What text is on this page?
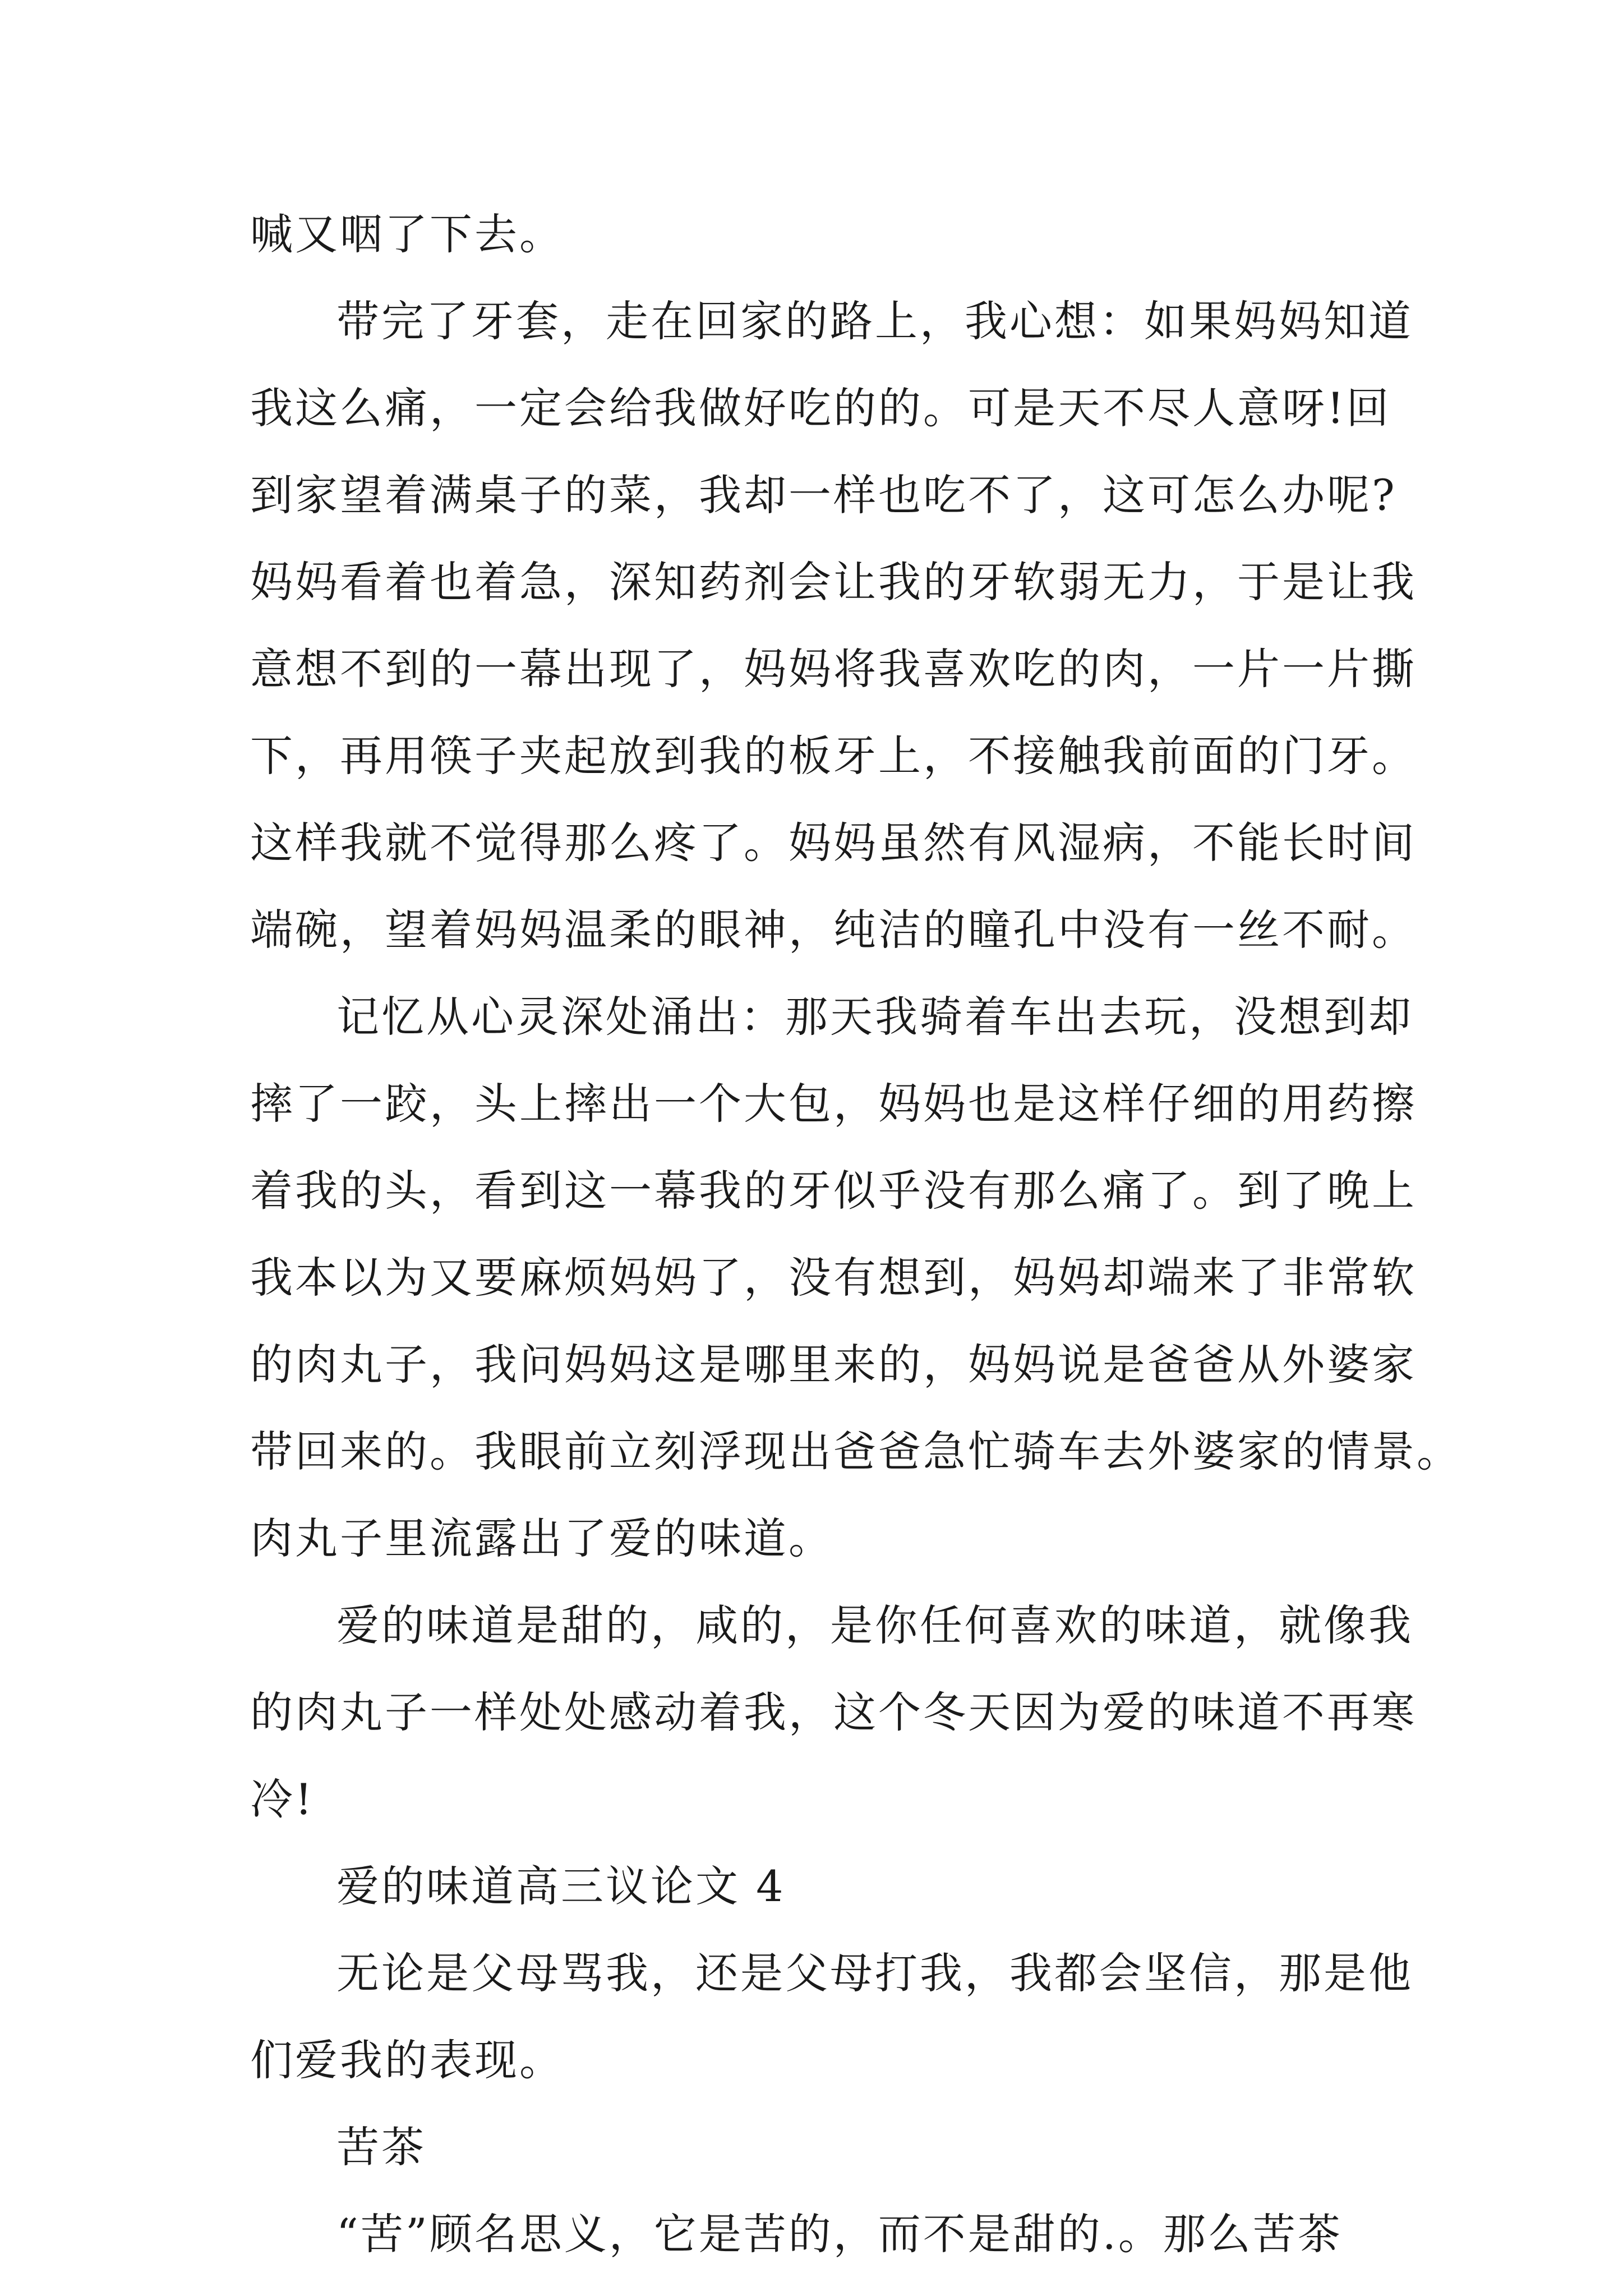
喊又咽了下去。
带完了牙套，走在回家的路上，我心想：如果妈妈知道
我这么痛，一定会给我做好吃的的。可是天不尽人意呀!回
到家望着满桌子的菜，我却一样也吃不了，这可怎么办呢?
妈妈看着也着急，深知药剂会让我的牙软弱无力，于是让我
意想不到的一幕出现了，妈妈将我喜欢吃的肉，一片一片撕
下，再用筷子夹起放到我的板牙上，不接触我前面的门牙。
这样我就不觉得那么疼了。妈妈虽然有风湿病，不能长时间
端碗，望着妈妈温柔的眼神，纯洁的瞳孔中没有一丝不耐。
记忆从心灵深处涌出：那天我骑着车出去玩，没想到却
摔了一跤，头上摔出一个大包，妈妈也是这样仔细的用药擦
着我的头，看到这一幕我的牙似乎没有那么痛了。到了晚上
我本以为又要麻烦妈妈了，没有想到，妈妈却端来了非常软
的肉丸子，我问妈妈这是哪里来的，妈妈说是爸爸从外婆家
带回来的。我眼前立刻浮现出爸爸急忙骑车去外婆家的情景。
肉丸子里流露出了爱的味道。
爱的味道是甜的，咸的，是你任何喜欢的味道，就像我
的肉丸子一样处处感动着我，这个冬天因为爱的味道不再寒
冷!
爱的味道高三议论文 4
无论是父母骂我，还是父母打我，我都会坚信，那是他
们爱我的表现。
苦茶
“苦”顾名思义，它是苦的，而不是甜的.。那么苦茶
